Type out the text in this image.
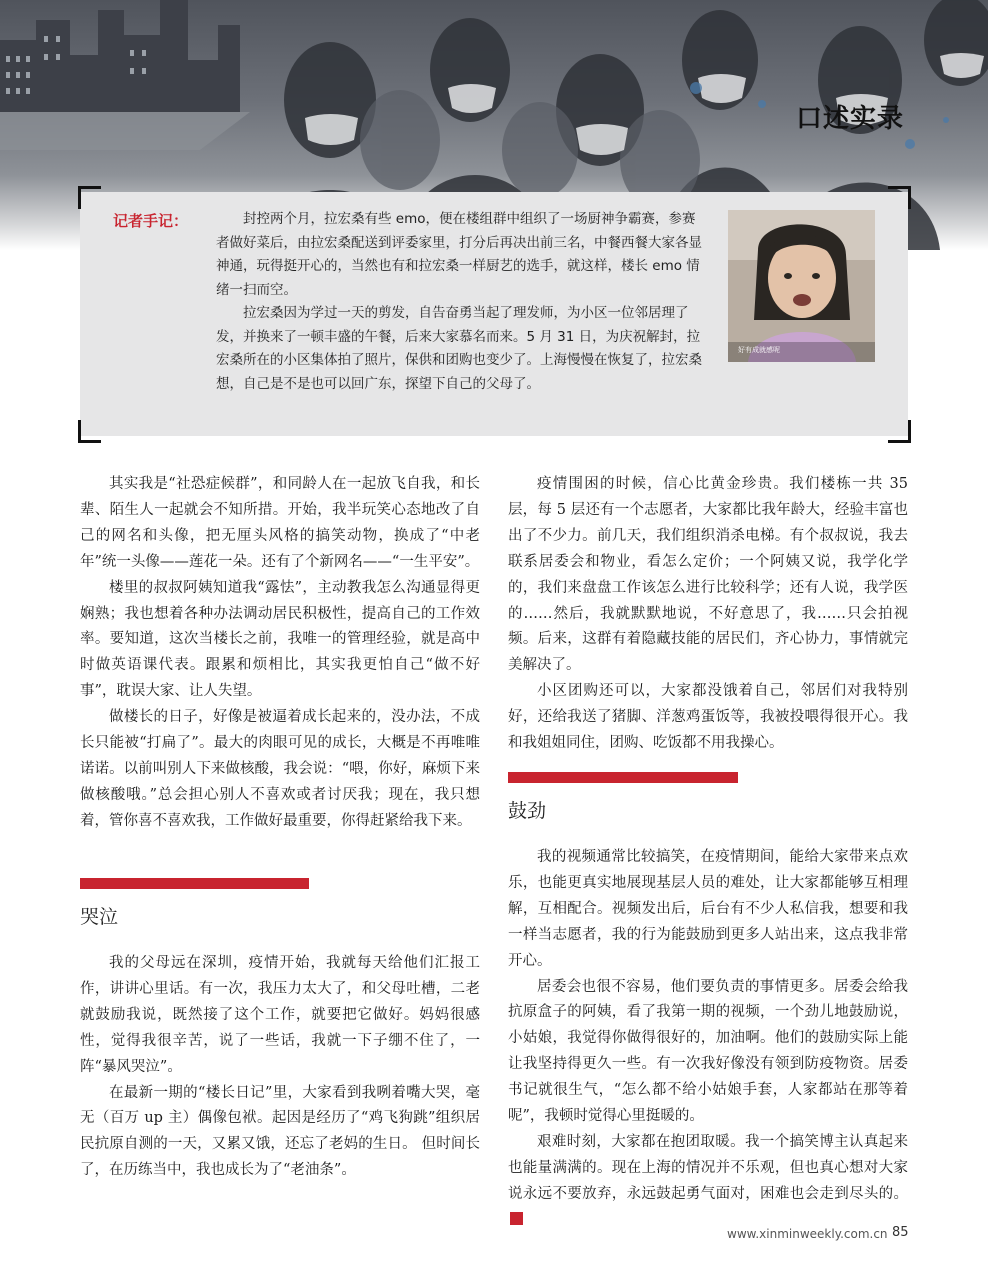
口述实录
记者手记：	封控两个月，拉宏桑有些 emo，便在楼组群中组织了一场厨神争霸赛，参赛者做好菜后，由拉宏桑配送到评委家里，打分后再决出前三名，中餐西餐大家各显神通，玩得挺开心的，当然也有和拉宏桑一样厨艺的选手，就这样，楼长 emo 情绪一扫而空。

拉宏桑因为学过一天的剪发，自告奋勇当起了理发师，为小区一位邻居理了发，并换来了一顿丰盛的午餐，后来大家慕名而来。5 月 31 日，为庆祝解封，拉宏桑所在的小区集体拍了照片，保供和团购也变少了。上海慢慢在恢复了，拉宏桑想，自己是不是也可以回广东，探望下自己的父母了。

好有成就感呢

其实我是“社恐症候群”，和同龄人在一起放飞自我，和长辈、陌生人一起就会不知所措。开始，我半玩笑心态地改了自己的网名和头像，把无厘头风格的搞笑动物，换成了“中老年”统一头像——莲花一朵。还有了个新网名——“一生平安”。

楼里的叔叔阿姨知道我“露怯”，主动教我怎么沟通显得更娴熟；我也想着各种办法调动居民积极性，提高自己的工作效率。要知道，这次当楼长之前，我唯一的管理经验，就是高中时做英语课代表。跟累和烦相比，其实我更怕自己“做不好事”，耽误大家、让人失望。

做楼长的日子，好像是被逼着成长起来的，没办法，不成长只能被“打扁了”。最大的肉眼可见的成长，大概是不再唯唯诺诺。以前叫别人下来做核酸，我会说：“喂，你好，麻烦下来做核酸哦。”总会担心别人不喜欢或者讨厌我；现在，我只想着，管你喜不喜欢我，工作做好最重要，你得赶紧给我下来。

哭泣

我的父母远在深圳，疫情开始，我就每天给他们汇报工作，讲讲心里话。有一次，我压力太大了，和父母吐槽，二老就鼓励我说，既然接了这个工作，就要把它做好。妈妈很感性，觉得我很辛苦，说了一些话，我就一下子绷不住了，一阵“暴风哭泣”。

在最新一期的“楼长日记”里，大家看到我咧着嘴大哭，毫无（百万 up 主）偶像包袱。起因是经历了“鸡飞狗跳”组织居民抗原自测的一天，又累又饿，还忘了老妈的生日。 但时间长了，在历练当中，我也成长为了“老油条”。

疫情围困的时候，信心比黄金珍贵。我们楼栋一共 35 层，每 5 层还有一个志愿者，大家都比我年龄大，经验丰富也出了不少力。前几天，我们组织消杀电梯。有个叔叔说，我去联系居委会和物业，看怎么定价；一个阿姨又说，我学化学的，我们来盘盘工作该怎么进行比较科学；还有人说，我学医的……然后，我就默默地说，不好意思了，我……只会拍视频。后来，这群有着隐藏技能的居民们，齐心协力，事情就完美解决了。

小区团购还可以，大家都没饿着自己，邻居们对我特别好，还给我送了猪脚、洋葱鸡蛋饭等，我被投喂得很开心。我和我姐姐同住，团购、吃饭都不用我操心。

鼓劲

我的视频通常比较搞笑，在疫情期间，能给大家带来点欢乐，也能更真实地展现基层人员的难处，让大家都能够互相理解，互相配合。视频发出后，后台有不少人私信我，想要和我一样当志愿者，我的行为能鼓励到更多人站出来，这点我非常开心。

居委会也很不容易，他们要负责的事情更多。居委会给我抗原盒子的阿姨，看了我第一期的视频，一个劲儿地鼓励说，小姑娘，我觉得你做得很好的，加油啊。他们的鼓励实际上能让我坚持得更久一些。有一次我好像没有领到防疫物资。居委书记就很生气，“怎么都不给小姑娘手套，人家都站在那等着呢”，我顿时觉得心里挺暖的。

艰难时刻，大家都在抱团取暖。我一个搞笑博主认真起来也能量满满的。现在上海的情况并不乐观，但也真心想对大家说永远不要放弃，永远鼓起勇气面对，困难也会走到尽头的。

www.xinminweekly.com.cn 85
